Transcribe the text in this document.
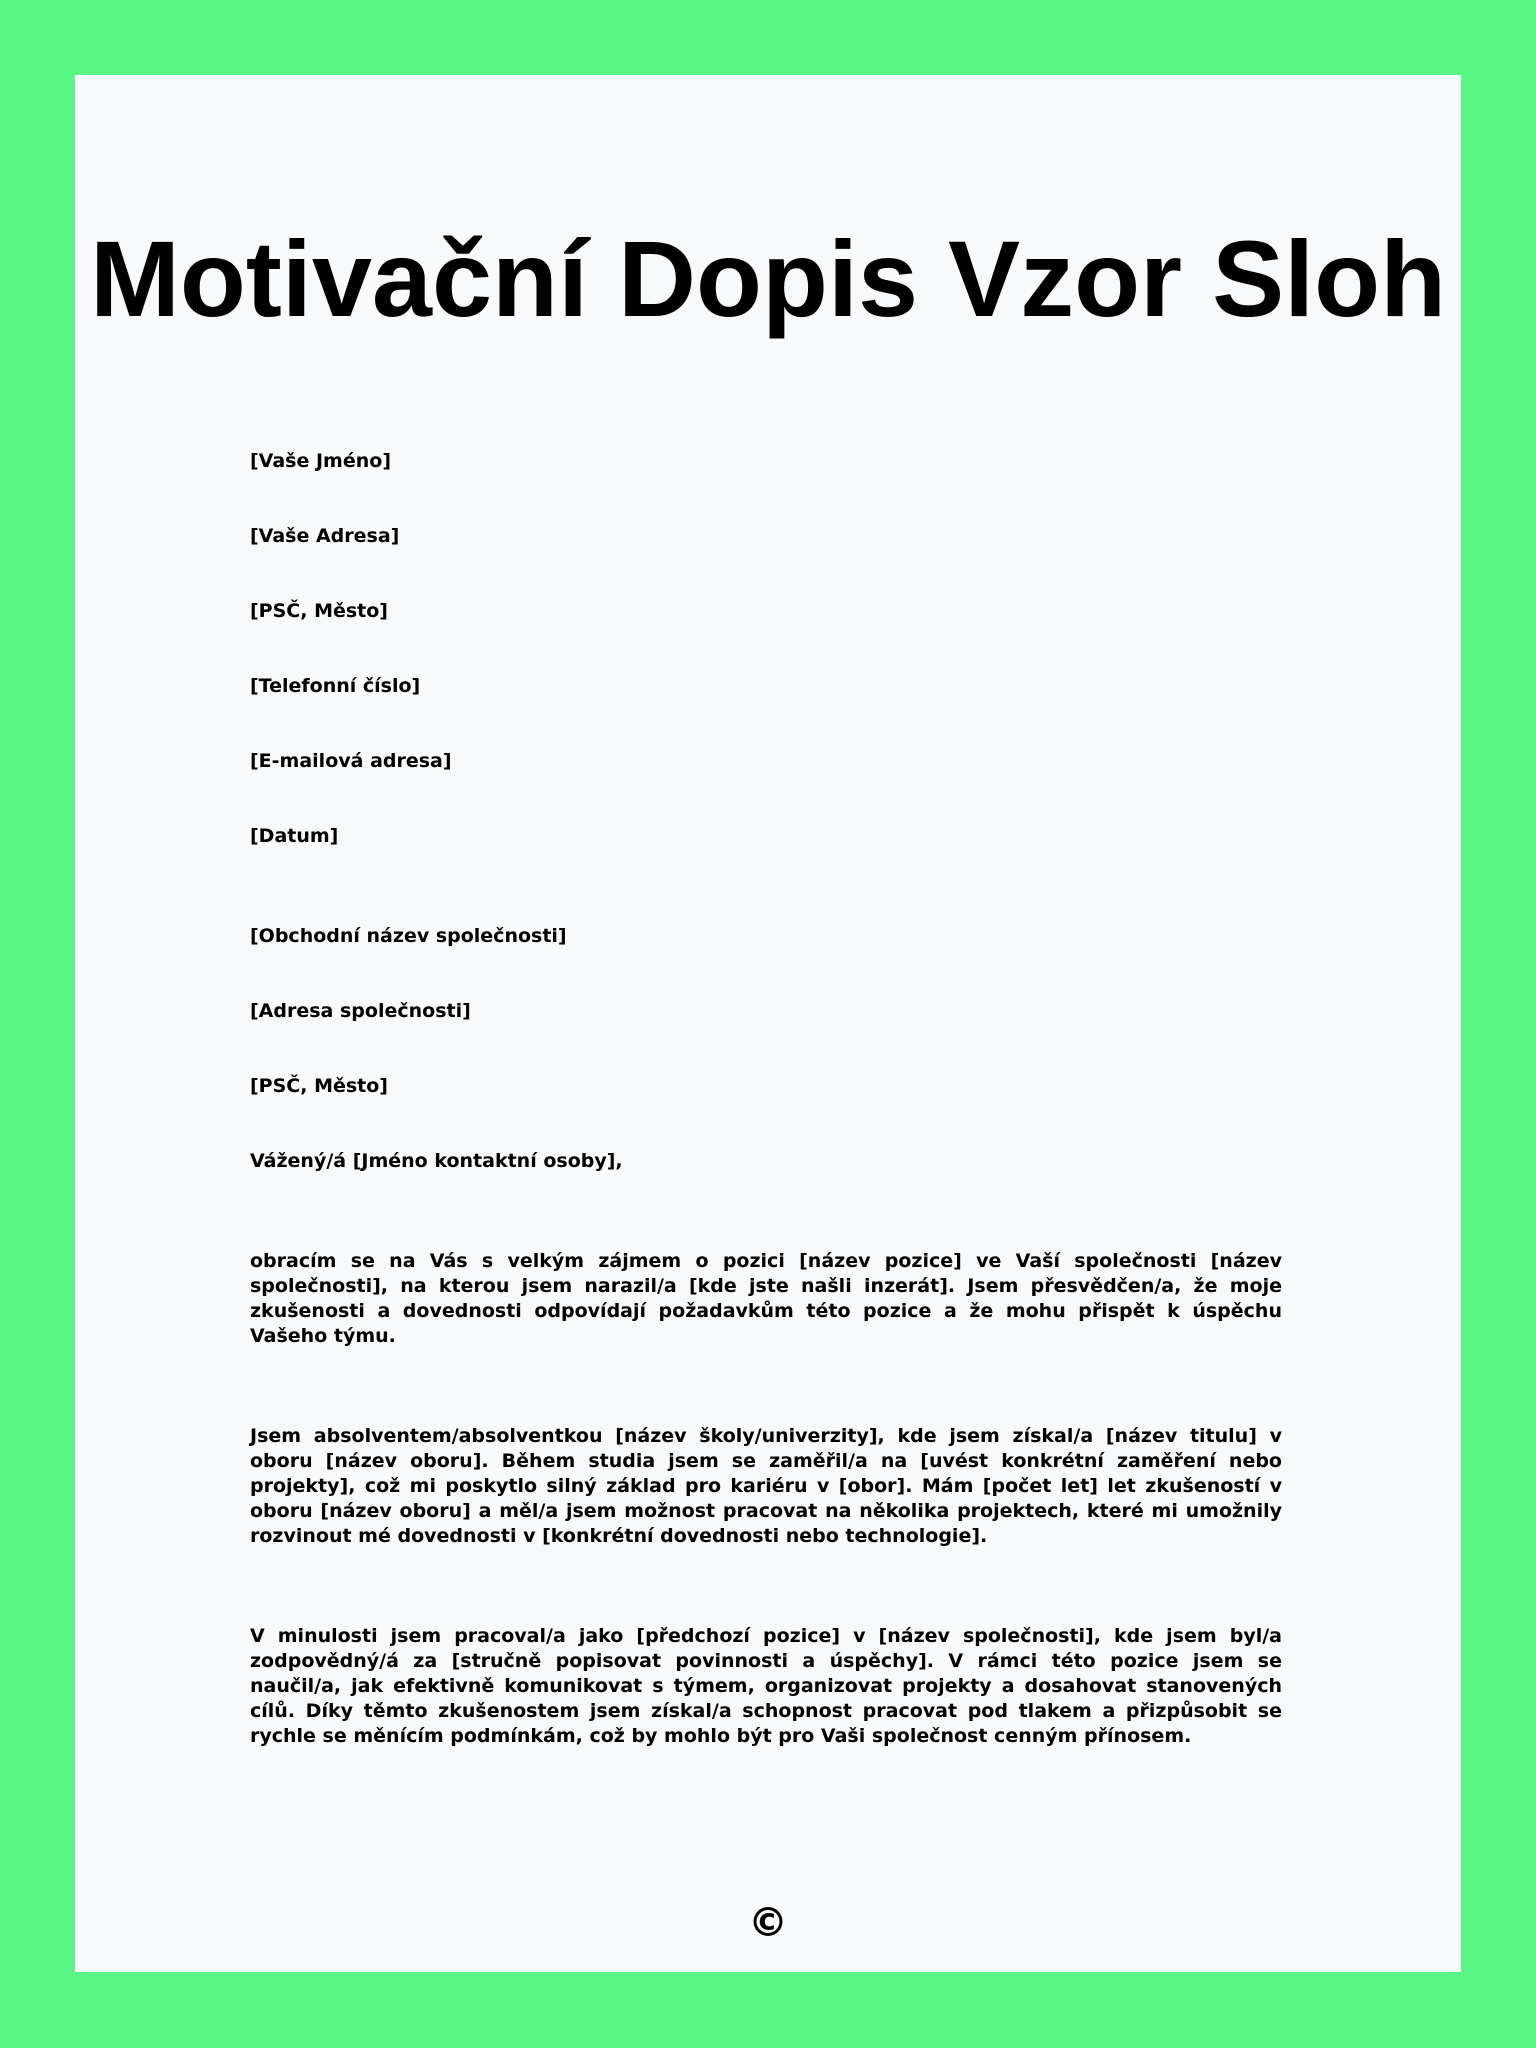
Motivační Dopis Vzor Sloh

[Vaše Jméno]

[Vaše Adresa]

[PSČ, Město]

[Telefonní číslo]

[E-mailová adresa]

[Datum]

[Obchodní název společnosti]

[Adresa společnosti]

[PSČ, Město]

Vážený/á [Jméno kontaktní osoby],

obracím se na Vás s velkým zájmem o pozici [název pozice] ve Vaší společnosti [název společnosti], na kterou jsem narazil/a [kde jste našli inzerát]. Jsem přesvědčen/a, že moje zkušenosti a dovednosti odpovídají požadavkům této pozice a že mohu přispět k úspěchu Vašeho týmu.

Jsem absolventem/absolventkou [název školy/univerzity], kde jsem získal/a [název titulu] v oboru [název oboru]. Během studia jsem se zaměřil/a na [uvést konkrétní zaměření nebo projekty], což mi poskytlo silný základ pro kariéru v [obor]. Mám [počet let] let zkušeností v oboru [název oboru] a měl/a jsem možnost pracovat na několika projektech, které mi umožnily rozvinout mé dovednosti v [konkrétní dovednosti nebo technologie].

V minulosti jsem pracoval/a jako [předchozí pozice] v [název společnosti], kde jsem byl/a zodpovědný/á za [stručně popisovat povinnosti a úspěchy]. V rámci této pozice jsem se naučil/a, jak efektivně komunikovat s týmem, organizovat projekty a dosahovat stanovených cílů. Díky těmto zkušenostem jsem získal/a schopnost pracovat pod tlakem a přizpůsobit se rychle se měnícím podmínkám, což by mohlo být pro Vaši společnost cenným přínosem.

©
